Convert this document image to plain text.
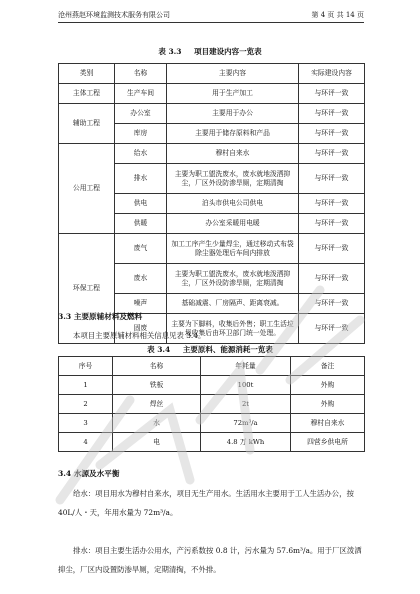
沧州燕赵环境监测技术服务有限公司	第 4 页 共 14 页
表 3.3 项目建设内容一览表
类别	名称	主要内容	实际建设内容
主体工程	生产车间	用于生产加工	与环评一致
辅助工程	办公室	主要用于办公	与环评一致
	库房	主要用于储存原料和产品	与环评一致
公用工程	给水	穆村自来水	与环评一致
	排水	主要为职工盥洗废水，废水就地泼洒抑尘，厂区外设防渗旱厕，定期清掏	与环评一致
	供电	泊头市供电公司供电	与环评一致
	供暖	办公室采暖用电暖	与环评一致
环保工程	废气	加工工序产生少量焊尘，通过移动式布袋除尘器处理后车间内排放	与环评一致
	废水	主要为职工盥洗废水，废水就地泼洒抑尘，厂区外设防渗旱厕，定期清掏	与环评一致
	噪声	基础减震、厂房隔声、距离衰减。	与环评一致
	固废	主要为下脚料，收集后外售；职工生活垃圾收集后由环卫部门统一处理。	与环评一致
3.3 主要原辅材料及燃料
本项目主要原辅材料相关信息见表 3.4。
表 3.4 主要原料、能源消耗一览表
序号	名称	年耗量	备注
1	铁板	100t	外购
2	焊丝	2t	外购
3	水	72m³/a	穆村自来水
4	电	4.8 万 kWh	四营乡供电所
3.4 水源及水平衡
给水：项目用水为穆村自来水，项目无生产用水。生活用水主要用于工人生活办公，按 40L/人・天，年用水量为 72m³/a。
排水：项目主要生活办公用水，产污系数按 0.8 计，污水量为 57.6m³/a。用于厂区泼洒抑尘，厂区内设置防渗旱厕，定期清掏，不外排。
